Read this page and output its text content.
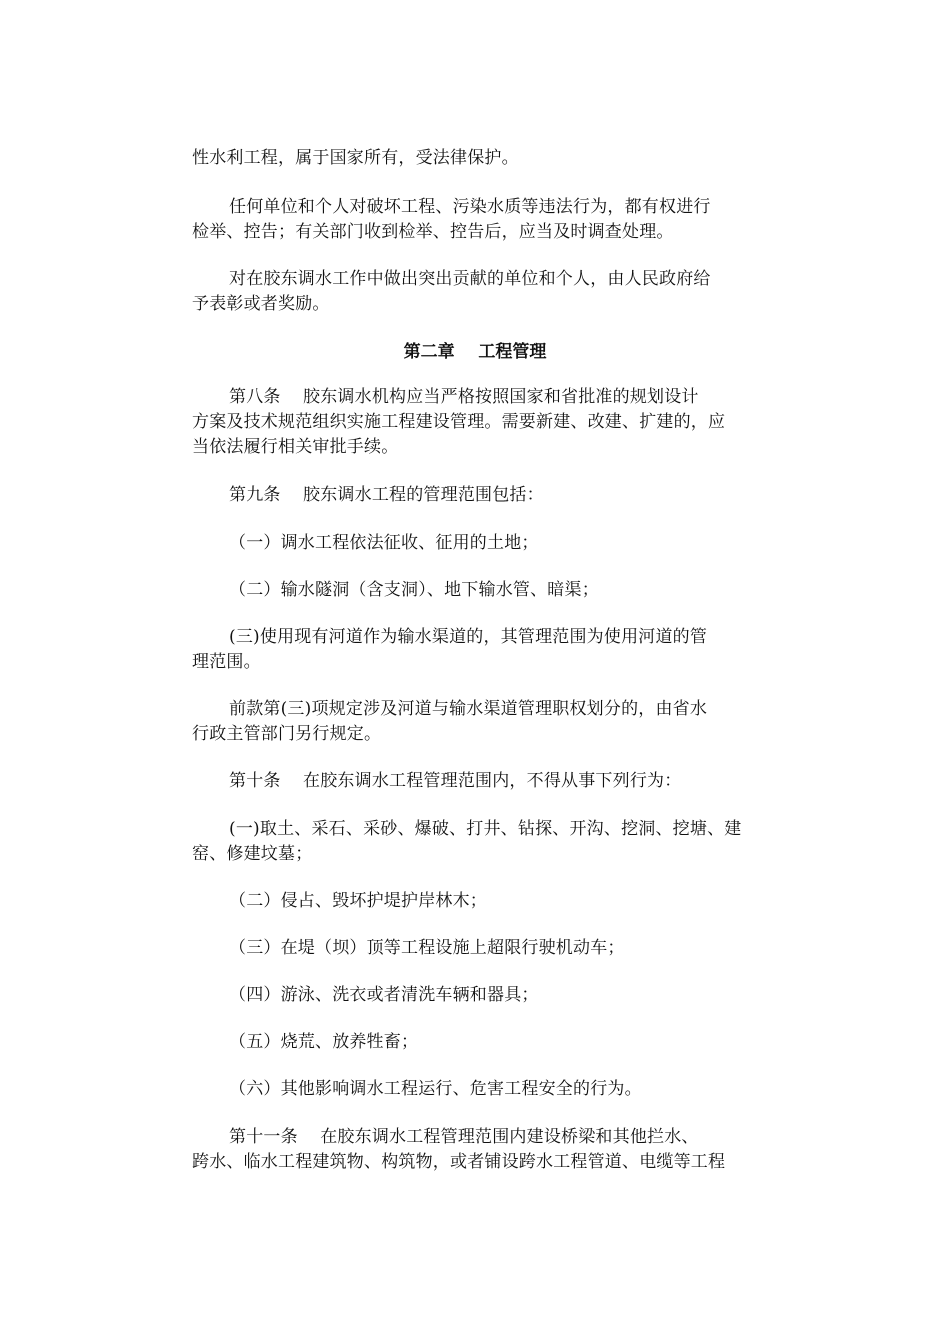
性水利工程，属于国家所有，受法律保护。
任何单位和个人对破坏工程、污染水质等违法行为，都有权进行
检举、控告；有关部门收到检举、控告后，应当及时调查处理。
对在胶东调水工作中做出突出贡献的单位和个人，由人民政府给
予表彰或者奖励。
第二章    工程管理
第八条    胶东调水机构应当严格按照国家和省批准的规划设计
方案及技术规范组织实施工程建设管理。需要新建、改建、扩建的，应
当依法履行相关审批手续。
第九条    胶东调水工程的管理范围包括：
（一）调水工程依法征收、征用的土地；
（二）输水隧洞（含支洞）、地下输水管、暗渠；
(三)使用现有河道作为输水渠道的，其管理范围为使用河道的管
理范围。
前款第(三)项规定涉及河道与输水渠道管理职权划分的，由省水
行政主管部门另行规定。
第十条    在胶东调水工程管理范围内，不得从事下列行为：
(一)取土、采石、采砂、爆破、打井、钻探、开沟、挖洞、挖塘、建
窑、修建坟墓；
（二）侵占、毁坏护堤护岸林木；
（三）在堤（坝）顶等工程设施上超限行驶机动车；
（四）游泳、洗衣或者清洗车辆和器具；
（五）烧荒、放养牲畜；
（六）其他影响调水工程运行、危害工程安全的行为。
第十一条    在胶东调水工程管理范围内建设桥梁和其他拦水、
跨水、临水工程建筑物、构筑物，或者铺设跨水工程管道、电缆等工程
